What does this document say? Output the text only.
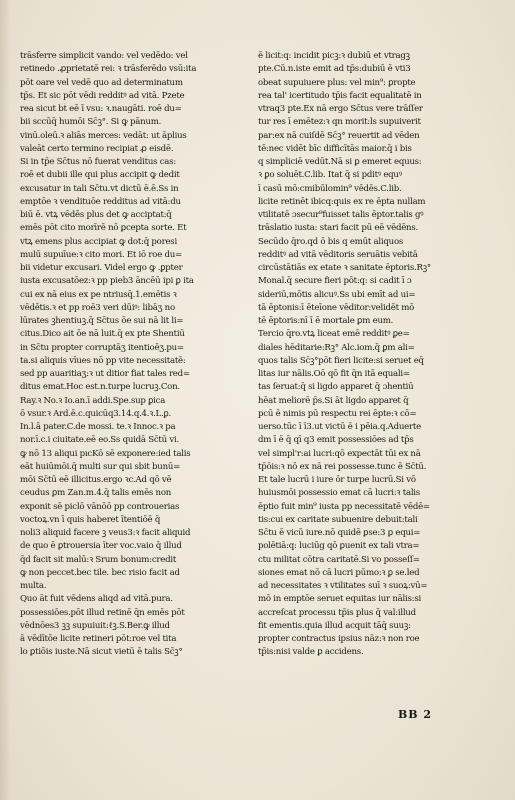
trāsferre simplicit̄ vando: vel vedēdo: vel
retinedo .ꝓprietatē rei: ꝛ trāsferēdo vsū:ita
pōt oare vel vedē quo ad determinatum
tp̄s. Et sic pōt vēdi redditꝰ ad vitā. Pzete
rea sicut bt̄ eē ī vsu: ꝛ.naugāti. roē du=
bii sccūq̄ humōi Sc̄ꝫ°. Si ꝙ pānum.
vinū.oleū.ꝛ aliās merces: vedāt: ut āplius
valeāt certo termino recipiat ꝓ eisdē.
Si in tp̄e Sc̄tus nō fuerat vendit̄us cas:
roē et dubii ille qui plus accipit ꝙ dedit
excusatur in tali Sc̄tu.vt dictū ē.ē.Ss in
emptōe ꝛ vendituōe reddit̄us ad vitā:du
biū ē. vtꝝ vēdēs plus det ꝙ acciptat:q̄
emēs pōt cito morīrē nō ꝑcepta sorte. Et
vtꝝ emens plus accipiat ꝙ dot:q̄ poresi
mulū supuīue:ꝛ cito mori. Et iō roe du=
bii videtur excusari. Videl ergo ꝙ .ꝑpter
iusta excusatōez:ꝛ pp pieb3 āncēū ipi ꝑ ita
cui ex nā eius ex pe ntriusq̄.1.emētis ꝛ
vēdētis.ꝛ et pp roē3 veri dūiꝰ: libāʒ no
lūrates ꝫhentiuꝫ.q̄ Sc̄tus ōe sui nā lit li=
citus.Dico ait ōe nā luit.q̄ ex pte Shentiū
in Sc̄tu propter corruptāʒ itentioēʒ.pu=
ta.si aliquis vīues nō pp vite necessitatē:
sed pp auaritiaʒ:ꝛ ut ditior fiat tales red=
ditus emat.Hoc est.n.turpe lucruꝫ.Con.
Ray.ꝛ No.ꝛ Io.an.ī addi.Spe.sup ꝑica
ō vsur.ꝛ Ard.ē.c.quicūq3.14.q.4.ꝛ.L.ꝑ.
In.l.ā pater.C.de mossi. te.ꝛ Innoc.ꝛ pa
nor.ī.c.i ciuitate.eē eo.Ss quidā Sc̄tū vi.
ꝙ nō 13 aliqui pıcKō sē exponere:ied talis
eāt huiūmōi.q̄ multi sur qui sbit bunū=
mōi Sc̄tū eē illicitus.ergo ꝛc.Ad qō vē
ceudus ꝑm Zan.m.4.q̄ talis emēs non
exponit sē piclō vānōō pp controuerias
voctoꝝ.vn ī quis haberet ītentiōē q̄
noli3 aliquid facere ꝫ veus3:ꝛ facit aliquid
de quo ē ꝑtrouersia īter voc.vaio q̄ illud
q̄d facit sit malū:ꝛ Srum bonum:credit
ꝙ non peccet.bec tile. bec risio facit ad
multa.
Quo āt fuit vēdens aliqd ad vitā.pura.
possessiōes.pōt illud retinē q̄n emēs pōt
vēdnōes3 ꝫꝫ supuiuit:ℓꝫ.S.Ber.ꝙ illud
ā vēdītōe licite retineri pōt:roe vel tita
lo ꝑtiōis iuste.Nā sicut vietū ē talis Sc̄ꝫ°
ē licit̄:q: incidit picꝫ:ꝛ dubiū et vtragꝫ
pte.Cū.n.iste emit ad tp̄s:dubiū ē vti3
obeat supuiuere plus: vel min⁹: ꝑropte
rea tal' icertitudo tp̄is facit equalitatē in
vtraq3 pte.Ex nā ergo Sc̄tus vere trāſſer
tur res ī emētez:ꝛ qn morit:ls supuiverit
par:ex nā cuiſdē Sc̄ꝫ° reuertit ad vēden
tē:nec vidēt bīc difficītās maior.q̄ i bis
q simpliciē vedūt.Nā si ꝑ emeret equus:
ꝛ ꝑo soluēt.C.lib. Itat q̄ si pditꝰ equꝰ
ī casū mō:cmibūlomin⁹ vēdēs.C.lib.
licite retinēt ibicq:quis ex re ēpta nullam
vtilitatē ɔsecur⁹fuisset talis ēptor.talis gꝰ
trāslatio iusta: stari facit pū eē vēdēns.
Secūdo q̄ro.qd ō bis q emūt aliquos
reddit̄ꝰ ad vitā vēditoris seruātis vebitā
circūstātiās ex etate ꝛ sanitate ēptoris.Rꝫ°
Monal.q̄ secure fieri pōt:q: si cadit ī ɔ
sideriū,mōtis alicuꝰ.Ss ubi emīt ad ui=
tā ēptonis:ī ēteīone vēditor:velidēt mō
tē ēptoris:nī ī ē mortale ꝑm eum.
Tercio q̄ro.vtꝝ liceat emē redditꝰ ꝑe=
diales hēditarie:Rꝫ° Alc.iom.q̄ ꝑm ali=
quos talis Sc̄ꝫ°pōt fieri licite:si seruet eq̄
litas iur nālis.Oō qō fit q̄n itā equali=
tas ſeruat:q̄ si ligdo apparet q̄ ɔhentiū
hēat meliorē p̄s.Si āt ligdo apparet q̄
pcū ē nimis pū respectu rei ēpte:ꝛ cō=
uerso.tūc ī ī3.ut victū ē i pēia.q.Aduerte
dm ī ē q̄ qī q3 emit possessiōes ad tp̄s
vel simpl'r:ai lucri:qō expectāt̄ tūi ex nā
tp̄ōis:ꝛ nō ex nā rei possesse.tunc ē Sc̄tū.
Et tale lucrū i iure ōr turpe lucrū.Si vō
huiusmōi possessio emat cā lucri:ꝛ talis
ēptio fuit min⁹ iusta pp necessitatē vēdē=
tis:cui ex caritate subuenire debuit:tali
Sc̄tu ē vicū iure.nō quidē ꝑse:3 ꝑ equi=
polētiā:q: luciūg qō ꝑuenit ex tali vtra=
ctu militat cōtra caritatē.Si vo posseſſ=
siones emat nō cā lucri pūmo:ꝛ ꝑ se.led
ad necessitates ꝛ vtilitates suī ꝛ suoꝝ:vū=
mō in emptōe seruet equitas iur nālis:si
accreſcat processu tp̄is plus q̄ val:illud
fit ementis.quia illud acquit tāq̄ suuꝫ:
propter contractus ipsius nāz:ꝛ non roe
tp̄is:nisi valde ꝑ accidens.
BB 2
